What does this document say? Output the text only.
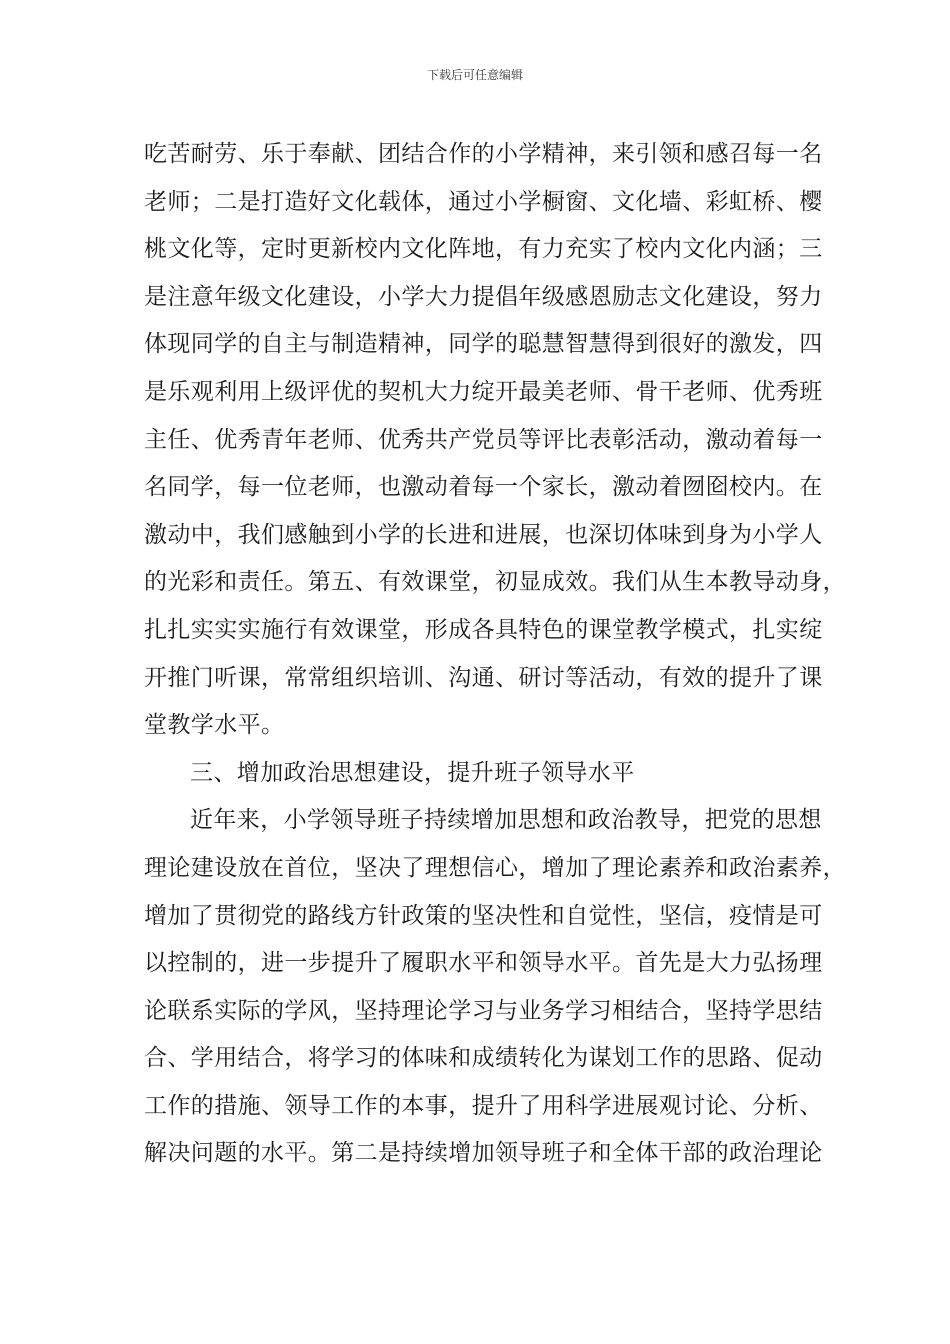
下载后可任意编辑
吃苦耐劳、乐于奉献、团结合作的小学精神，来引领和感召每一名
老师；二是打造好文化载体，通过小学橱窗、文化墙、彩虹桥、樱
桃文化等，定时更新校内文化阵地，有力充实了校内文化内涵；三
是注意年级文化建设，小学大力提倡年级感恩励志文化建设，努力
体现同学的自主与制造精神，同学的聪慧智慧得到很好的激发，四
是乐观利用上级评优的契机大力绽开最美老师、骨干老师、优秀班
主任、优秀青年老师、优秀共产党员等评比表彰活动，激动着每一
名同学，每一位老师，也激动着每一个家长，激动着囫囵校内。在
激动中，我们感触到小学的长进和进展，也深切体味到身为小学人
的光彩和责任。第五、有效课堂，初显成效。我们从生本教导动身，
扎扎实实实施行有效课堂，形成各具特色的课堂教学模式，扎实绽
开推门听课，常常组织培训、沟通、研讨等活动，有效的提升了课
堂教学水平。
三、增加政治思想建设，提升班子领导水平
近年来，小学领导班子持续增加思想和政治教导，把党的思想
理论建设放在首位，坚决了理想信心，增加了理论素养和政治素养，
增加了贯彻党的路线方针政策的坚决性和自觉性，坚信，疫情是可
以控制的，进一步提升了履职水平和领导水平。首先是大力弘扬理
论联系实际的学风，坚持理论学习与业务学习相结合，坚持学思结
合、学用结合，将学习的体味和成绩转化为谋划工作的思路、促动
工作的措施、领导工作的本事，提升了用科学进展观讨论、分析、
解决问题的水平。第二是持续增加领导班子和全体干部的政治理论
